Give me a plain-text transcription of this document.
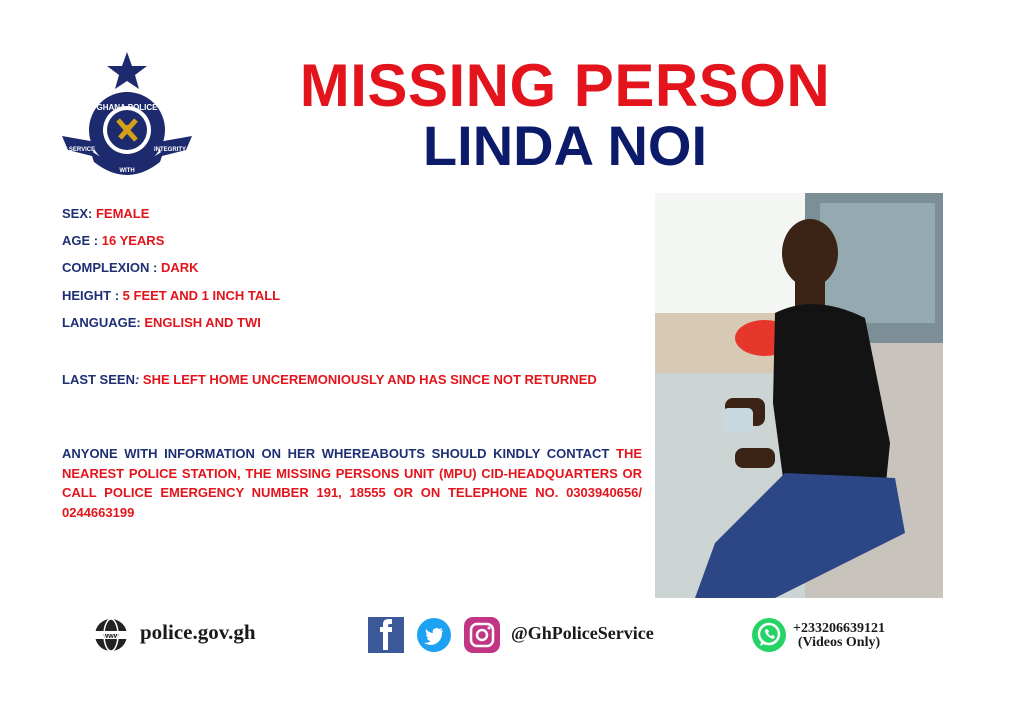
GHANA POLICE
SERVICE
WITH
INTEGRITY
MISSING PERSON
LINDA NOI
SEX: FEMALE
AGE : 16 YEARS
COMPLEXION : DARK
HEIGHT : 5 FEET AND 1 INCH TALL
LANGUAGE: ENGLISH AND TWI
LAST SEEN: SHE LEFT HOME UNCEREMONIOUSLY AND HAS SINCE NOT RETURNED
ANYONE WITH INFORMATION ON HER WHEREABOUTS SHOULD KINDLY CONTACT THE NEAREST POLICE STATION, THE MISSING PERSONS UNIT (MPU) CID-HEADQUARTERS OR CALL POLICE EMERGENCY NUMBER 191, 18555 OR ON TELEPHONE NO. 0303940656/ 0244663199
www police.gov.gh	@GhPoliceService	+233206639121
(Videos Only)
